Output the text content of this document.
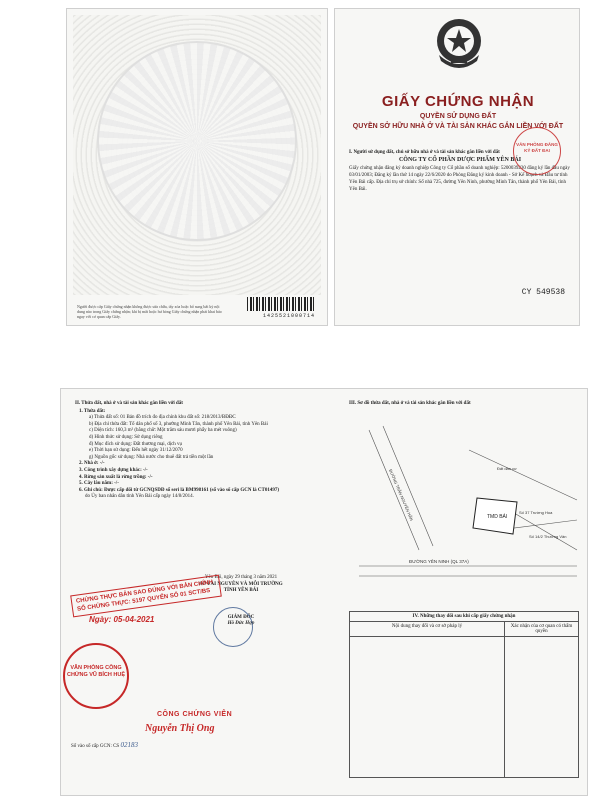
Người được cấp Giấy chứng nhận không được sửa chữa, tẩy xóa hoặc bổ sung bất kỳ nội dung nào trong Giấy chứng nhận; khi bị mất hoặc hư hỏng Giấy chứng nhận phải khai báo ngay với cơ quan cấp Giấy.	1425521000714
GIẤY CHỨNG NHẬN
QUYỀN SỬ DỤNG ĐẤT
QUYỀN SỞ HỮU NHÀ Ở VÀ TÀI SẢN KHÁC GẮN LIỀN VỚI ĐẤT
I. Người sử dụng đất, chủ sở hữu nhà ở và tài sản khác gắn liền với đất
CÔNG TY CỔ PHẦN DƯỢC PHẨM YÊN BÁI
Giấy chứng nhận đăng ký doanh nghiệp Công ty Cổ phần số doanh nghiệp: 5200039230 đăng ký lần đầu ngày 03/01/2003; Đăng ký lần thứ 14 ngày 22/6/2020 do Phòng Đăng ký kinh doanh - Sở Kế hoạch và Đầu tư tỉnh Yên Bái cấp. Địa chỉ trụ sở chính: Số nhà 725, đường Yên Ninh, phường Minh Tân, thành phố Yên Bái, tỉnh Yên Bái.
VĂN PHÒNG ĐĂNG KÝ ĐẤT ĐAI
CY 549538
II. Thửa đất, nhà ở và tài sản khác gắn liền với đất
1. Thửa đất:
a) Thửa đất số: 01 Bản đồ trích đo địa chính khu đất số: 218/2013/BĐĐC
b) Địa chỉ thửa đất: Tổ dân phố số 3, phường Minh Tân, thành phố Yên Bái, tỉnh Yên Bái
c) Diện tích: 160,3 m² (bằng chữ: Một trăm sáu mươi phẩy ba mét vuông)
d) Hình thức sử dụng: Sử dụng riêng
đ) Mục đích sử dụng: Đất thương mại, dịch vụ
e) Thời hạn sử dụng: Đến hết ngày 31/12/2070
g) Nguồn gốc sử dụng: Nhà nước cho thuê đất trả tiền một lần
2. Nhà ở: -/-
3. Công trình xây dựng khác: -/-
4. Rừng sản xuất là rừng trồng: -/-
5. Cây lâu năm: -/-
6. Ghi chú: Được cấp đổi từ GCNQSDĐ số seri là BM998161 (số vào sổ cấp GCN là CT01497)
do Ủy ban nhân dân tỉnh Yên Bái cấp ngày 14/8/2014.
Yên Bái, ngày 29 tháng 3 năm 2021
SỞ TÀI NGUYÊN VÀ MÔI TRƯỜNG
TỈNH YÊN BÁI
GIÁM ĐỐC
Hồ Đức Hợp
III. Sơ đồ thửa đất, nhà ở và tài sản khác gắn liền với đất
TMD BÁI
ĐƯỜNG YÊN NINH (QL 37A)
ĐƯỜNG TRẦN NGUYÊN HÃN	Số 37 Trường Hoa
Số 14/2 Thường Vân
Đất dân cư
IV. Những thay đổi sau khi cấp giấy chứng nhận
Nội dung thay đổi và cơ sở pháp lý	Xác nhận của cơ quan có thẩm quyền
CHỨNG THỰC BẢN SAO ĐÚNG VỚI BẢN CHÍNH SỐ CHỨNG THỰC: 5197 QUYỂN SỐ 01 SCT/BS
Ngày: 05-04-2021
VĂN PHÒNG CÔNG CHỨNG VŨ BÍCH HUỆ
CÔNG CHỨNG VIÊN
Nguyễn Thị Ong
Số vào sổ cấp GCN: CS 02183
